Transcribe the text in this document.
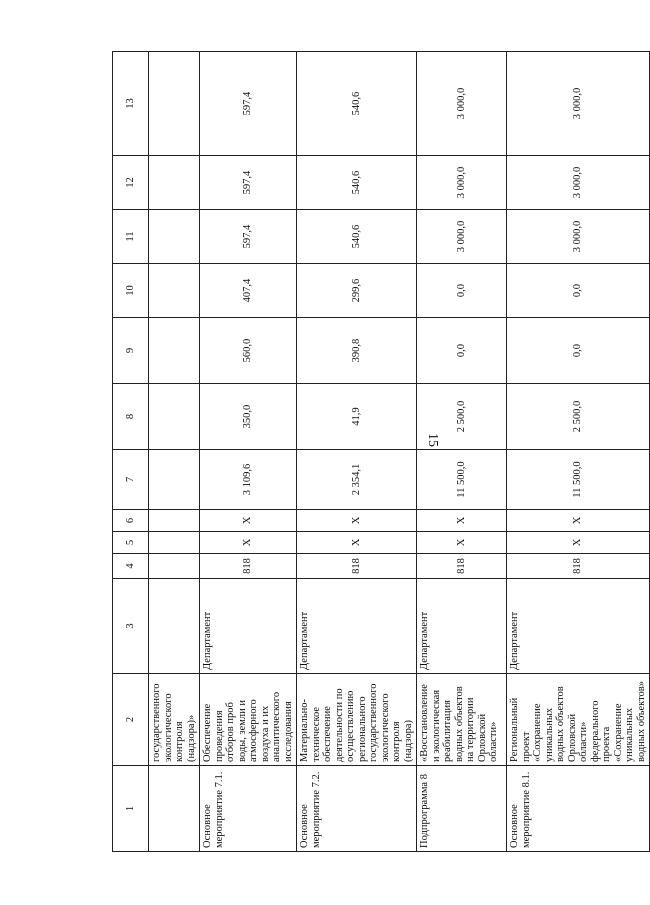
15
1	2	3	4	5	6	7	8	9	10	11	12	13
	государственного экологического контроля (надзора)»											
Основное мероприятие 7.1.	Обеспечение проведения отборов проб воды, земли и атмосферного воздуха и их аналитического исследования	Департамент	818	Х	Х	3 109,6	350,0	560,0	407,4	597,4	597,4	597,4
Основное мероприятие 7.2.	Материально-техническое обеспечение деятельности по осуществлению регионального государственного экологического контроля (надзора)	Департамент	818	Х	Х	2 354,1	41,9	390,8	299,6	540,6	540,6	540,6
Подпрограмма 8	«Восстановление и экологическая реабилитация водных объектов на территории Орловской области»	Департамент	818	Х	Х	11 500,0	2 500,0	0,0	0,0	3 000,0	3 000,0	3 000,0
Основное мероприятие 8.1.	Региональный проект «Сохранение уникальных водных объектов Орловской области» федерального проекта «Сохранение уникальных водных объектов»	Департамент	818	Х	Х	11 500,0	2 500,0	0,0	0,0	3 000,0	3 000,0	3 000,0
